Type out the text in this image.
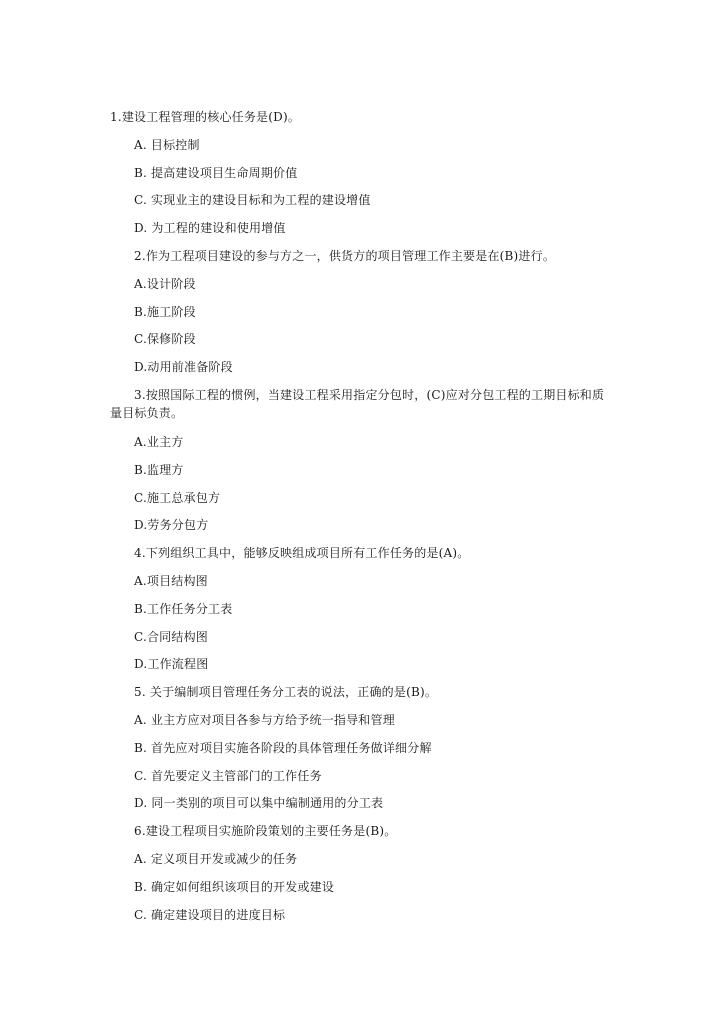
1.建设工程管理的核心任务是(D)。
A. 目标控制
B. 提高建设项目生命周期价值
C. 实现业主的建设目标和为工程的建设增值
D. 为工程的建设和使用增值
2.作为工程项目建设的参与方之一，供货方的项目管理工作主要是在(B)进行。
A.设计阶段
B.施工阶段
C.保修阶段
D.动用前准备阶段
3.按照国际工程的惯例，当建设工程采用指定分包时，(C)应对分包工程的工期目标和质量目标负责。
A.业主方
B.监理方
C.施工总承包方
D.劳务分包方
4.下列组织工具中，能够反映组成项目所有工作任务的是(A)。
A.项目结构图
B.工作任务分工表
C.合同结构图
D.工作流程图
5. 关于编制项目管理任务分工表的说法，正确的是(B)。
A. 业主方应对项目各参与方给予统一指导和管理
B. 首先应对项目实施各阶段的具体管理任务做详细分解
C. 首先要定义主管部门的工作任务
D. 同一类别的项目可以集中编制通用的分工表
6.建设工程项目实施阶段策划的主要任务是(B)。
A. 定义项目开发或减少的任务
B. 确定如何组织该项目的开发或建设
C. 确定建设项目的进度目标
